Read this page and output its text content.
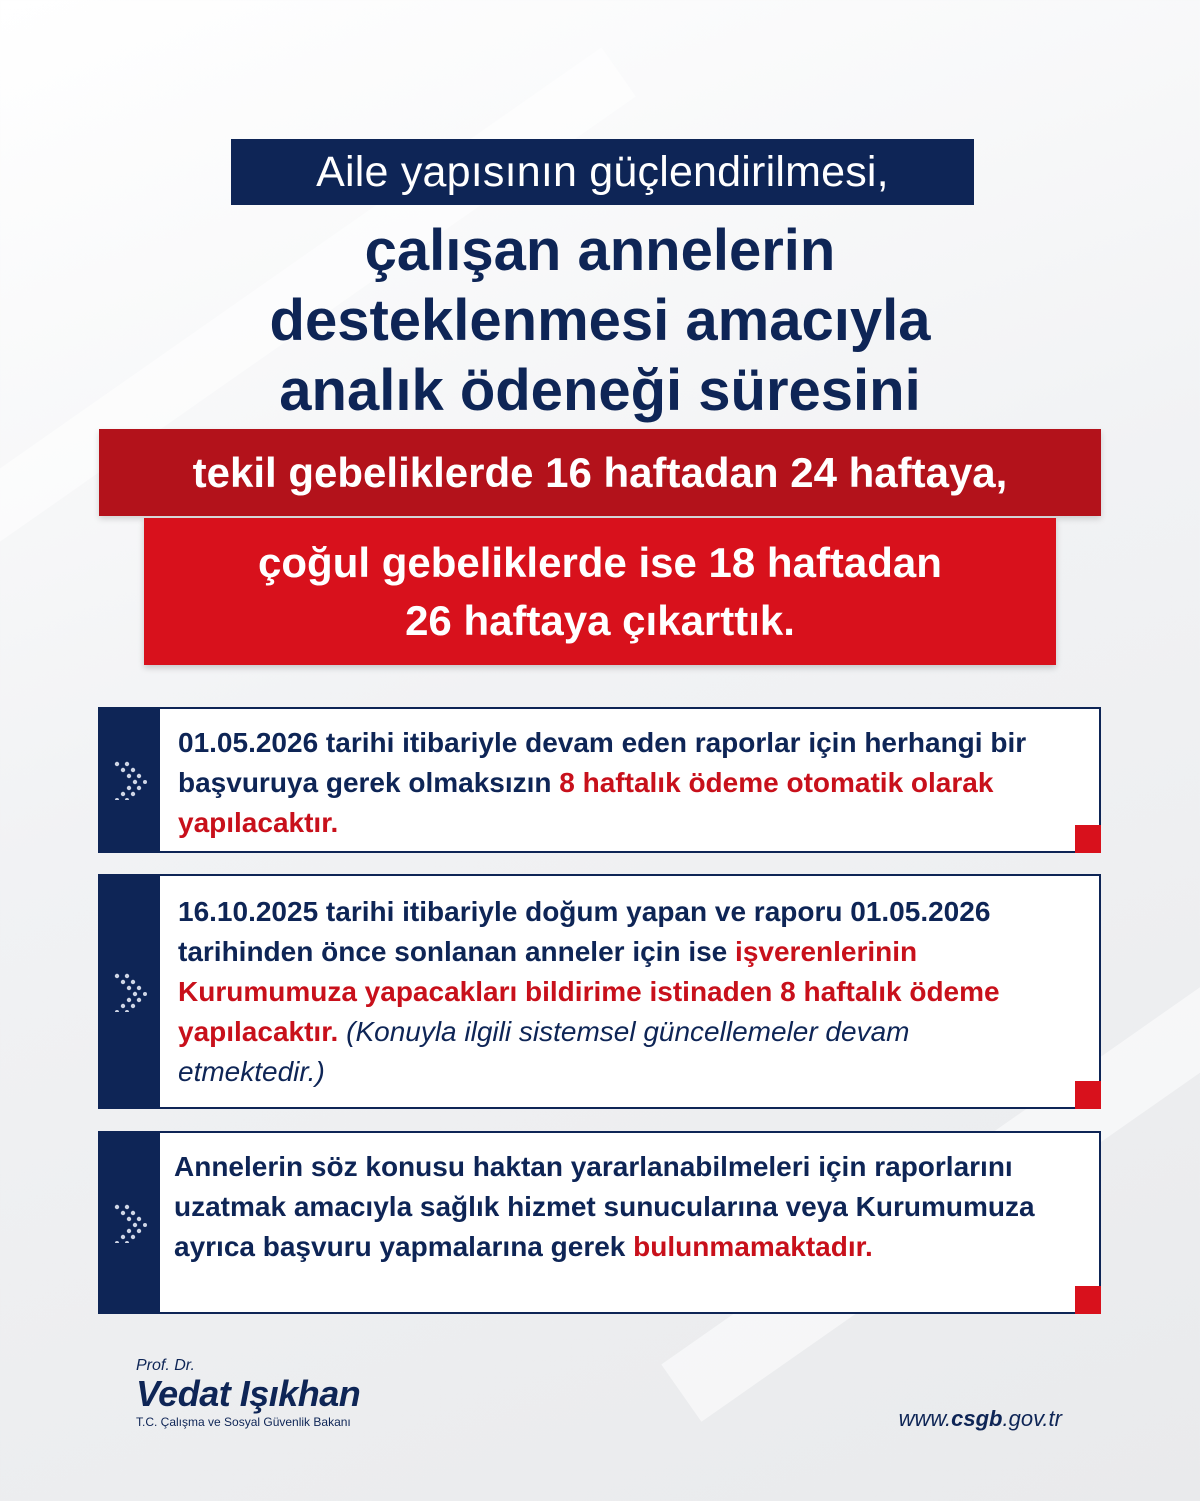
Aile yapısının güçlendirilmesi,
çalışan annelerin
desteklenmesi amacıyla
analık ödeneği süresini
tekil gebeliklerde 16 haftadan 24 haftaya,
çoğul gebeliklerde ise 18 haftadan
26 haftaya çıkarttık.
01.05.2026 tarihi itibariyle devam eden raporlar için herhangi bir başvuruya gerek olmaksızın 8 haftalık ödeme otomatik olarak yapılacaktır.
16.10.2025 tarihi itibariyle doğum yapan ve raporu 01.05.2026 tarihinden önce sonlanan anneler için ise işverenlerinin Kurumumuza yapacakları bildirime istinaden 8 haftalık ödeme yapılacaktır. (Konuyla ilgili sistemsel güncellemeler devam etmektedir.)
Annelerin söz konusu haktan yararlanabilmeleri için raporlarını uzatmak amacıyla sağlık hizmet sunucularına veya Kurumumuza ayrıca başvuru yapmalarına gerek bulunmamaktadır.
Prof. Dr.
Vedat Işıkhan
T.C. Çalışma ve Sosyal Güvenlik Bakanı	www.csgb.gov.tr
